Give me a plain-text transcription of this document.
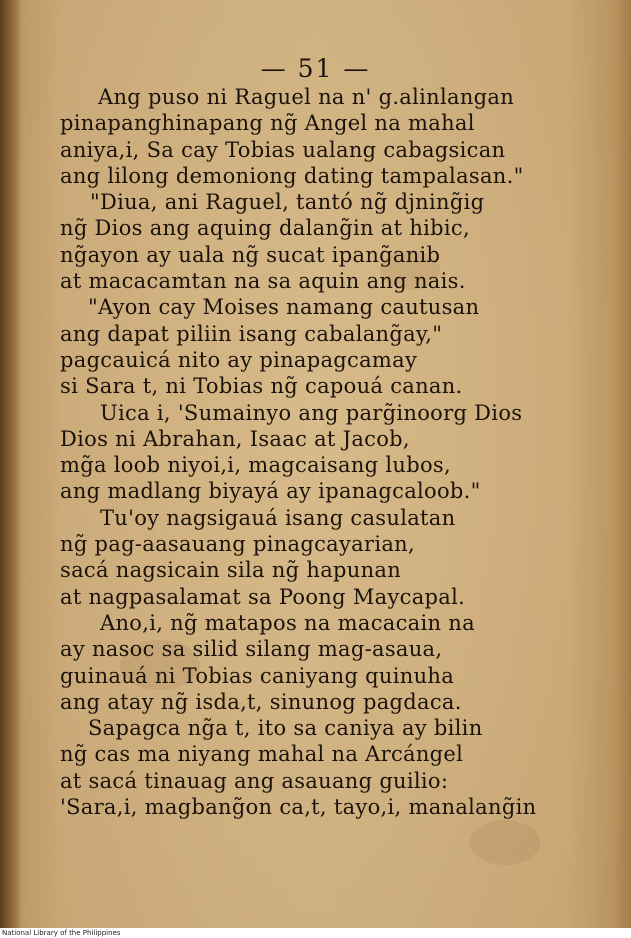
— 51 —
Ang puso ni Raguel na n' g.alinlangan
pinapanghinapang ng̃ Angel na mahal
aniya,i, Sa cay Tobias ualang cabagsican
ang lilong demoniong dating tampalasan."
"Diua, ani Raguel, tantó ng̃ djning̃ig
ng̃ Dios ang aquing dalang̃in at hibic,
ng̃ayon ay uala ng̃ sucat ipang̃anib
at macacamtan na sa aquin ang nais.
"Ayon cay Moises namang cautusan
ang dapat piliin isang cabalang̃ay,"
pagcauicá nito ay pinapagcamay
si Sara t, ni Tobias ng̃ capouá canan.
Uica i, 'Sumainyo ang parg̃inoorg Dios
Dios ni Abrahan, Isaac at Jacob,
mg̃a loob niyoi,i, magcaisang lubos,
ang madlang biyayá ay ipanagcaloob."
Tu'oy nagsigauá isang casulatan
ng̃ pag-aasauang pinagcayarian,
sacá nagsicain sila ng̃ hapunan
at nagpasalamat sa Poong Maycapal.
Ano,i, ng̃ matapos na macacain na
ay nasoc sa silid silang mag-asaua,
guinauá ni Tobias caniyang quinuha
ang atay ng̃ isda,t, sinunog pagdaca.
Sapagca ng̃a t, ito sa caniya ay bilin
ng̃ cas ma niyang mahal na Arcángel
at sacá tinauag ang asauang guilio:
'Sara,i, magbang̃on ca,t, tayo,i, manalang̃in
National Library of the Philippines
